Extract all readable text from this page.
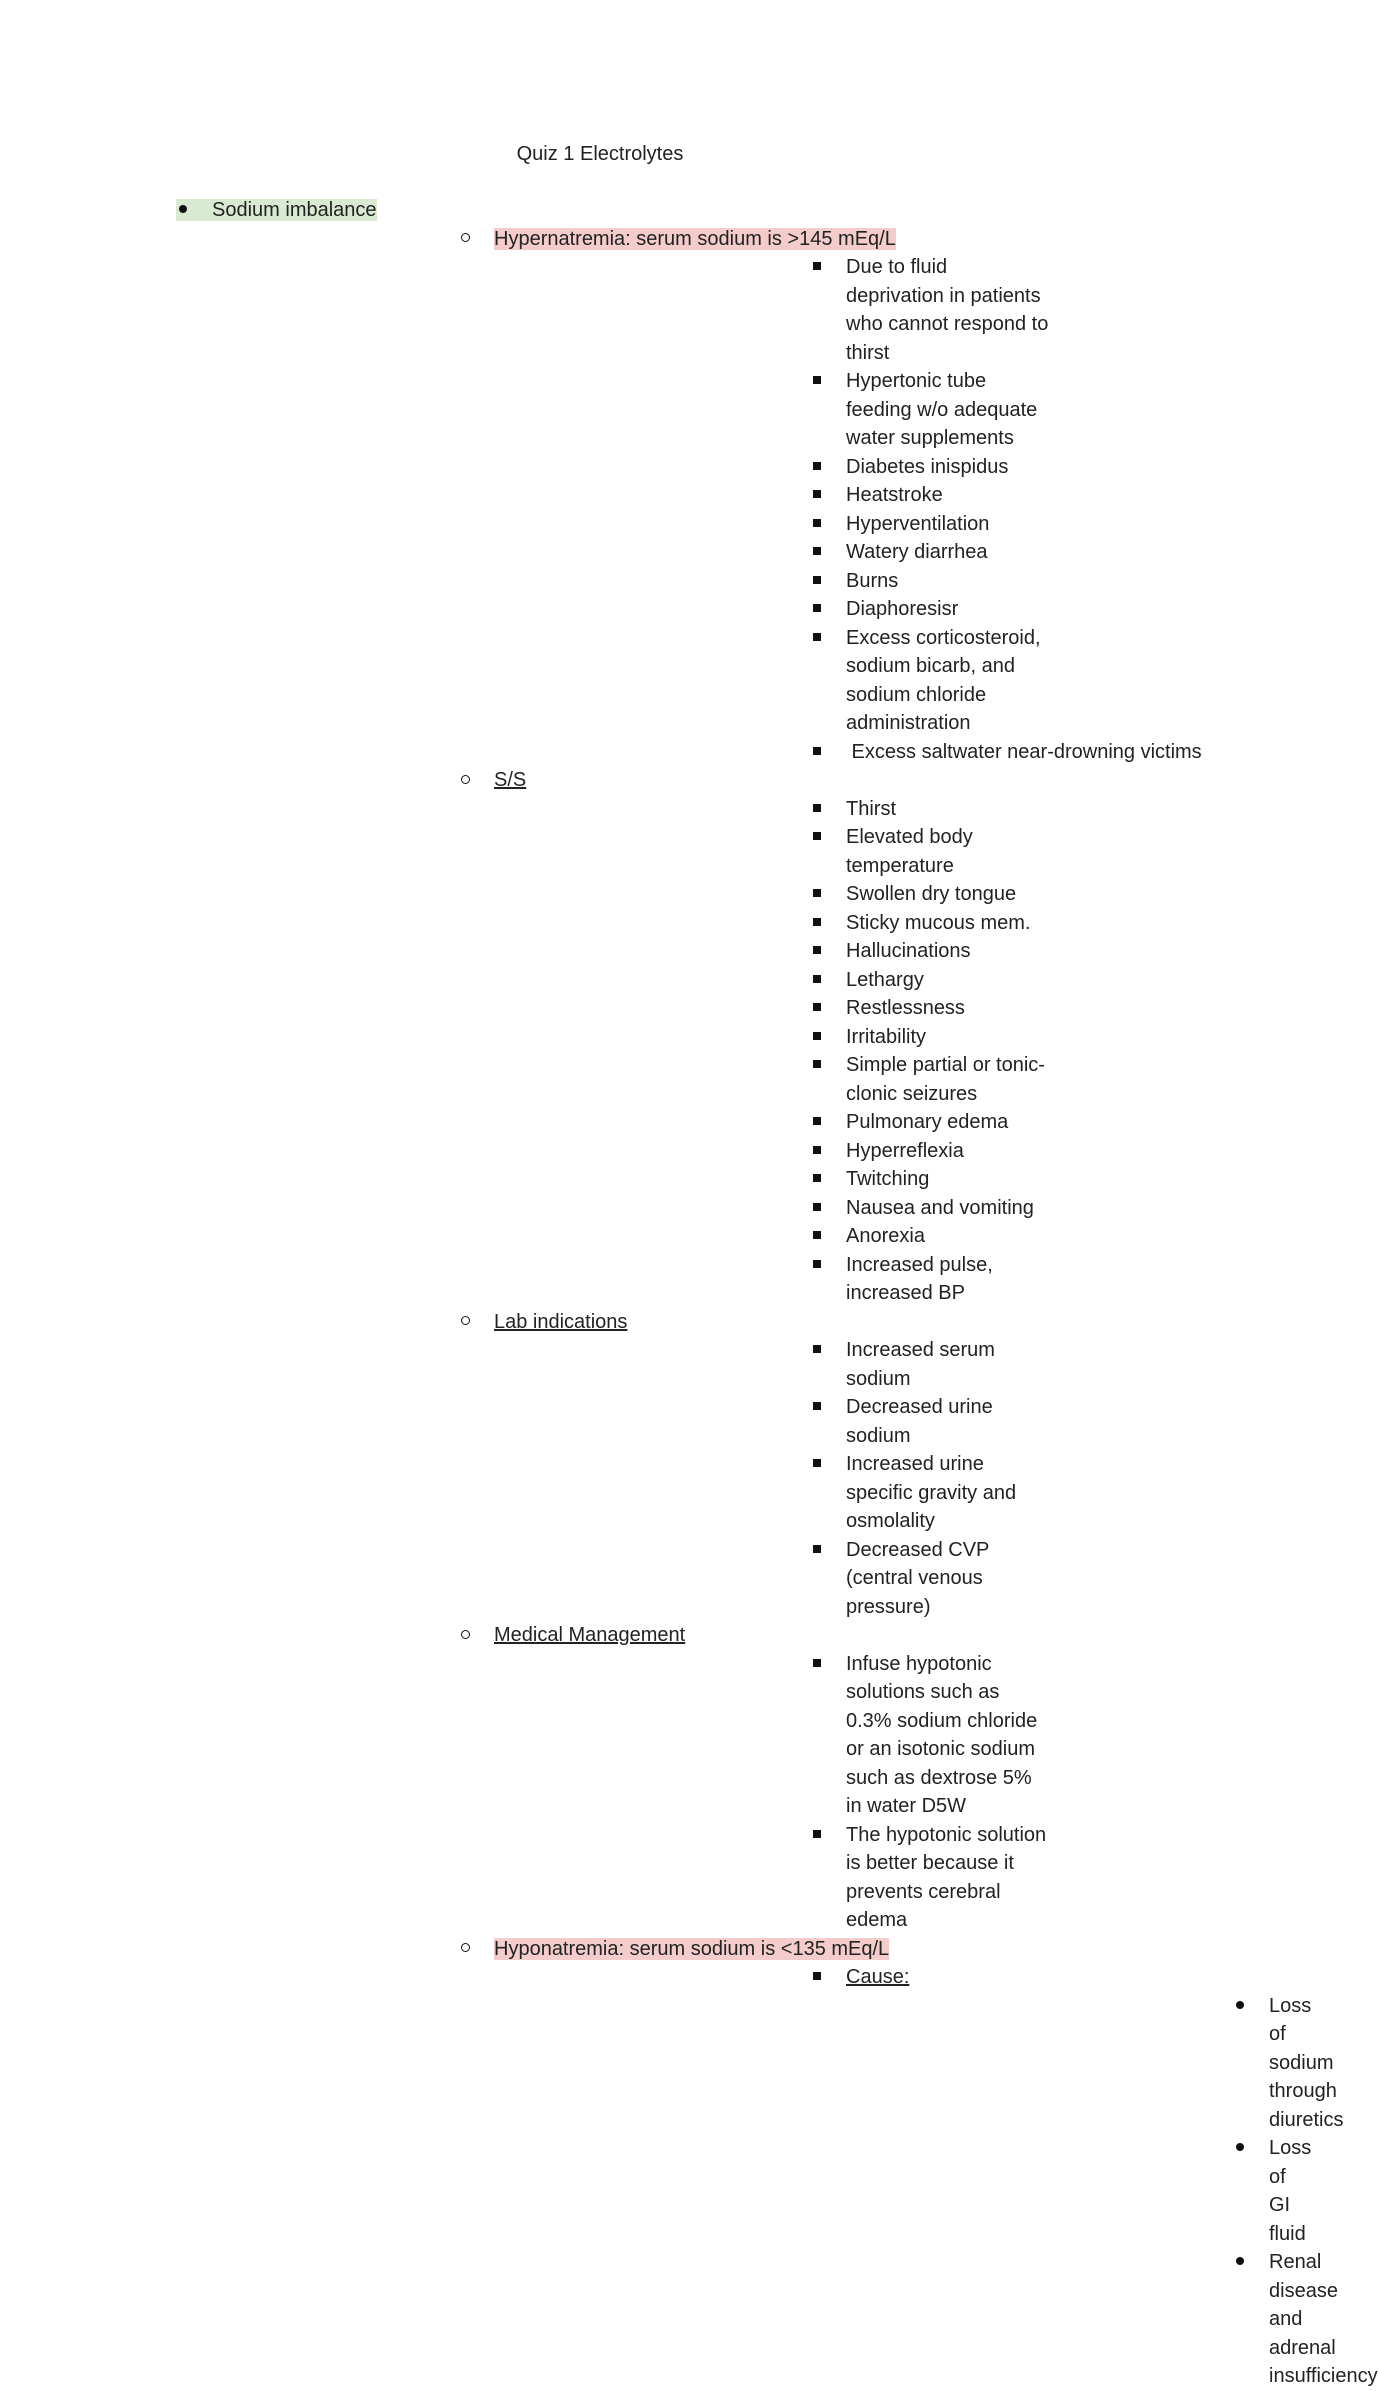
Quiz 1 Electrolytes
Sodium imbalance
Hypernatremia: serum sodium is >145 mEq/L
Due to fluid deprivation in patients who cannot respond to thirst
Hypertonic tube feeding w/o adequate water supplements
Diabetes inispidus
Heatstroke
Hyperventilation
Watery diarrhea
Burns
Diaphoresisr
Excess corticosteroid, sodium bicarb, and sodium chloride administration
Excess saltwater near-drowning victims
S/S
Thirst
Elevated body temperature
Swollen dry tongue
Sticky mucous mem.
Hallucinations
Lethargy
Restlessness
Irritability
Simple partial or tonic-clonic seizures
Pulmonary edema
Hyperreflexia
Twitching
Nausea and vomiting
Anorexia
Increased pulse, increased BP
Lab indications
Increased serum sodium
Decreased urine sodium
Increased urine specific gravity and osmolality
Decreased CVP (central venous pressure)
Medical Management
Infuse hypotonic solutions such as 0.3% sodium chloride or an isotonic sodium such as dextrose 5% in water D5W
The hypotonic solution is better because it prevents cerebral edema
Hyponatremia: serum sodium is <135 mEq/L
Cause:
Loss of sodium through diuretics
Loss of GI fluid
Renal disease and adrenal insufficiency
